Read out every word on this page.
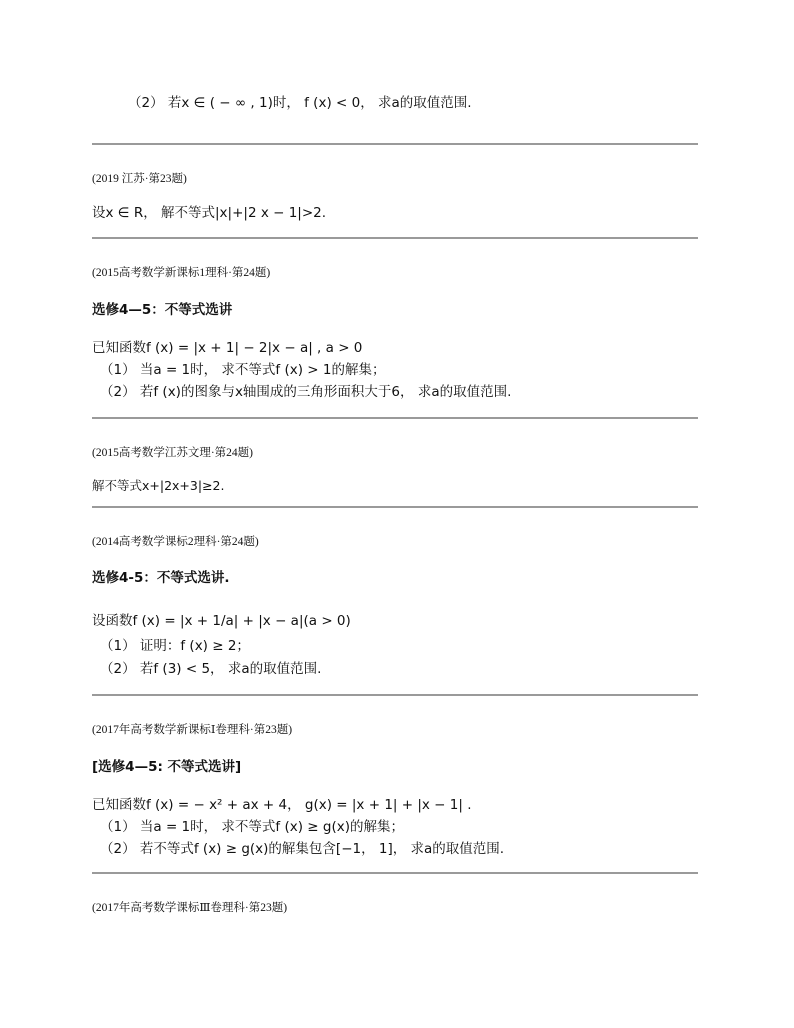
（2） 若x ∈ ( − ∞ , 1)时， f (x) < 0， 求a的取值范围.
(2019 江苏·第23题)
设x ∈ R， 解不等式|x|+|2 x − 1|>2.
(2015高考数学新课标1理科·第24题)
选修4—5：不等式选讲
已知函数f (x) = |x + 1| − 2|x − a| , a > 0
（1） 当a = 1时， 求不等式f (x) > 1的解集；
（2） 若f (x)的图象与x轴围成的三角形面积大于6， 求a的取值范围.
(2015高考数学江苏文理·第24题)
解不等式x+|2x+3|≥2.
(2014高考数学课标2理科·第24题)
选修4-5：不等式选讲.
设函数f (x) = |x + 1/a| + |x − a|(a > 0)
（1） 证明：f (x) ≥ 2；
（2） 若f (3) < 5， 求a的取值范围.
(2017年高考数学新课标Ⅰ卷理科·第23题)
[选修4—5: 不等式选讲]
已知函数f (x) = − x² + ax + 4， g(x) = |x + 1| + |x − 1| .
（1） 当a = 1时， 求不等式f (x) ≥ g(x)的解集；
（2） 若不等式f (x) ≥ g(x)的解集包含[−1， 1]， 求a的取值范围.
(2017年高考数学课标Ⅲ卷理科·第23题)
